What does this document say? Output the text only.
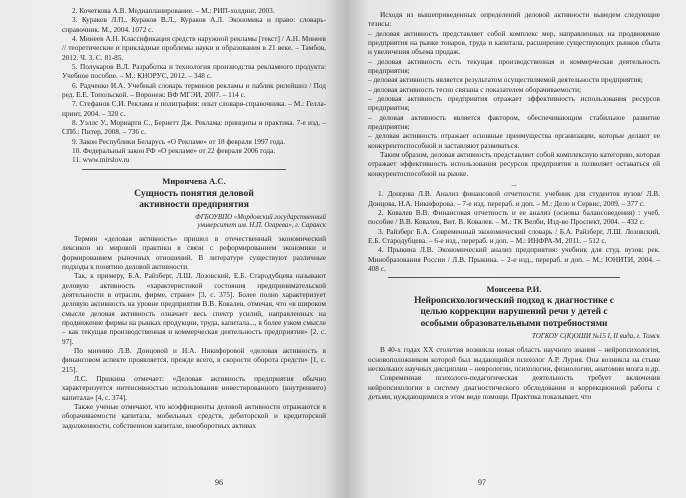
2. Кочеткова А.В. Медиапланирование. – М.: РИП-холдинг, 2003.

3. Кураков Л.П., Кураков В.Л., Кураков А.Л. Экономика и право: словарь-справочник. М., 2004. 1072 с.

4. Минеев А.Н. Классификация средств наружной рекламы [текст] / А.Н. Минеев // теоретические и прикладные проблемы науки и образования в 21 веке. – Тамбов, 2012. Ч. 3. С. 81-85.

5. Полукаров В.Л. Разработка и технология производства рекламного продукта: Учебное пособие. – М.: КНОРУС, 2012. – 348 с.

6. Радченко И.А. Учебный словарь терминов рекламы и паблик рилейшнз / Под ред. Е.Е. Топольской. – Воронеж: ВФ МГЭИ, 2007. – 114 с.

7. Стефанов С.И. Реклама и полиграфия: опыт словаря-справочника. – М.: Гелла-принт, 2004. – 320 с.

8. Уэллс У., Мориарти С., Бернетт Дж. Реклама: принципы и практика. 7-е изд. – СПб.: Питер, 2008. – 736 с.

9. Закон Республики Беларусь «О Рекламе» от 18 февраля 1997 года.

10. Федеральный закон РФ «О рекламе» от 22 февраля 2006 года.

11. www.mirslov.ru

Мирончева А.С.

Сущность понятия деловой
активности предприятия
ФГБОУВПО «Мордовский государственный
университет им. Н.П. Огарева», г. Саранск

Термин «деловая активность» пришел в отечественный экономический лексикон из мировой практики в связи с реформированием экономики и формированием рыночных отношений. В литературе существуют различные подходы к понятию деловой активности.

Так, к примеру, Б.А. Райзберг, Л.Ш. Лозовский, Е.Б. Стародубцева называют деловую активность «характеристикой состояния предпринимательской деятельности в отрасли, фирме, стране» [3, с. 375]. Более полно характеризует деловую активность на уровне предприятия В.В. Ковалев, отмечая, что «в широком смысле деловая активность означает весь спектр усилий, направленных на продвижение фирмы на рынках продукции, труда, капитала..., в более узком смысле – как текущая производственная и коммерческая деятельность предприятия» [2, с. 97].

По мнению Л.В. Донцовой и Н.А. Никифоровой «деловая активность в финансовом аспекте проявляется, прежде всего, в скорости оборота средств» [1, с. 215].

Л.С. Пршкина отмечает: «Деловая активность предприятия обычно характеризуется интенсивностью использования инвестированного (внутреннего) капитала» [4, с. 374].

Также ученые отмечают, что коэффициенты деловой активности отражаются в оборачиваемости капитала, мобильных средств, дебиторской и кредиторской задолженности, собственном капитале, внеоборотных активах

96

Исходя из вышеприведенных определений деловой активности выведем следующие тезисы:

– деловая активность представляет собой комплекс мер, направленных на продвижение предприятия на рынке товаров, труда и капитала, расширение существующих рынков сбыта и увеличения объема продаж.

– деловая активность есть текущая производственная и коммерческая деятельность предприятия;

– деловая активность является результатом осуществляемой деятельности предприятия;

– деловая активность тесно связана с показателем оборачиваемости;

– деловая активность предприятия отражает эффективность использования ресурсов предприятия;

– деловая активность является фактором, обеспечивающим стабильное развитие предприятия;

– деловая активность отражает основные преимущества организации, которые делают ее конкурентоспособной и заставляют развиваться.

Таким образом, деловая активность представляет собой комплексную категорию, которая отражает эффективность использования ресурсов предприятия и позволяет оставаться ей конкурентоспособной на рынке.

...

1. Донцова Л.В. Анализ финансовой отчетности: учебник для студентов вузов/ Л.В. Донцова, Н.А. Никифорова. – 7-е изд. перераб. и доп. – М.: Дело и Сервис, 2009. – 377 с.

2. Ковалев В.В. Финансовая отчетность и ее анализ (основы балансоведения) : учеб. пособие / В.В. Ковалев, Вит. В. Ковалев. – М.: ТК Велби, Изд-во Проспект, 2004. – 432 с.

3. Райзберг Б.А. Современный экономический словарь / Б.А. Райзберг, Л.Ш. Лозовский, Е.Б. Стародубцева. – 6-е изд., перераб. и доп. – М.: ИНФРА-М, 2011. – 512 с.

4. Прыкина Л.В. Экономический анализ предприятия: учебник для студ. вузов: рек. Минобразования России / Л.В. Прыкина. – 2-е изд., перераб. и доп. – М.: ЮНИТИ, 2004. – 408 с.

Моисеева Р.И.

Нейропсихологический подход к диагностике с
целью коррекции нарушений речи у детей с
особыми образовательными потребностями

ТОГКОУ С(К)ОШИ №15 I, II вида, г. Томск

В 40-х годах XX столетия возникла новая область научного знания – нейропсихология, основоположником которой был выдающийся психолог А.Р. Лурия. Она возникла на стыке нескольких научных дисциплин – неврологии, психологии, физиологии, анатомии мозга и др.

Современная психолого-педагогическая деятельность требует включения нейропсихологии в систему диагностического обследования и коррекционной работы с детьми, нуждающимися в этом виде помощи. Практика показывает, что

97
